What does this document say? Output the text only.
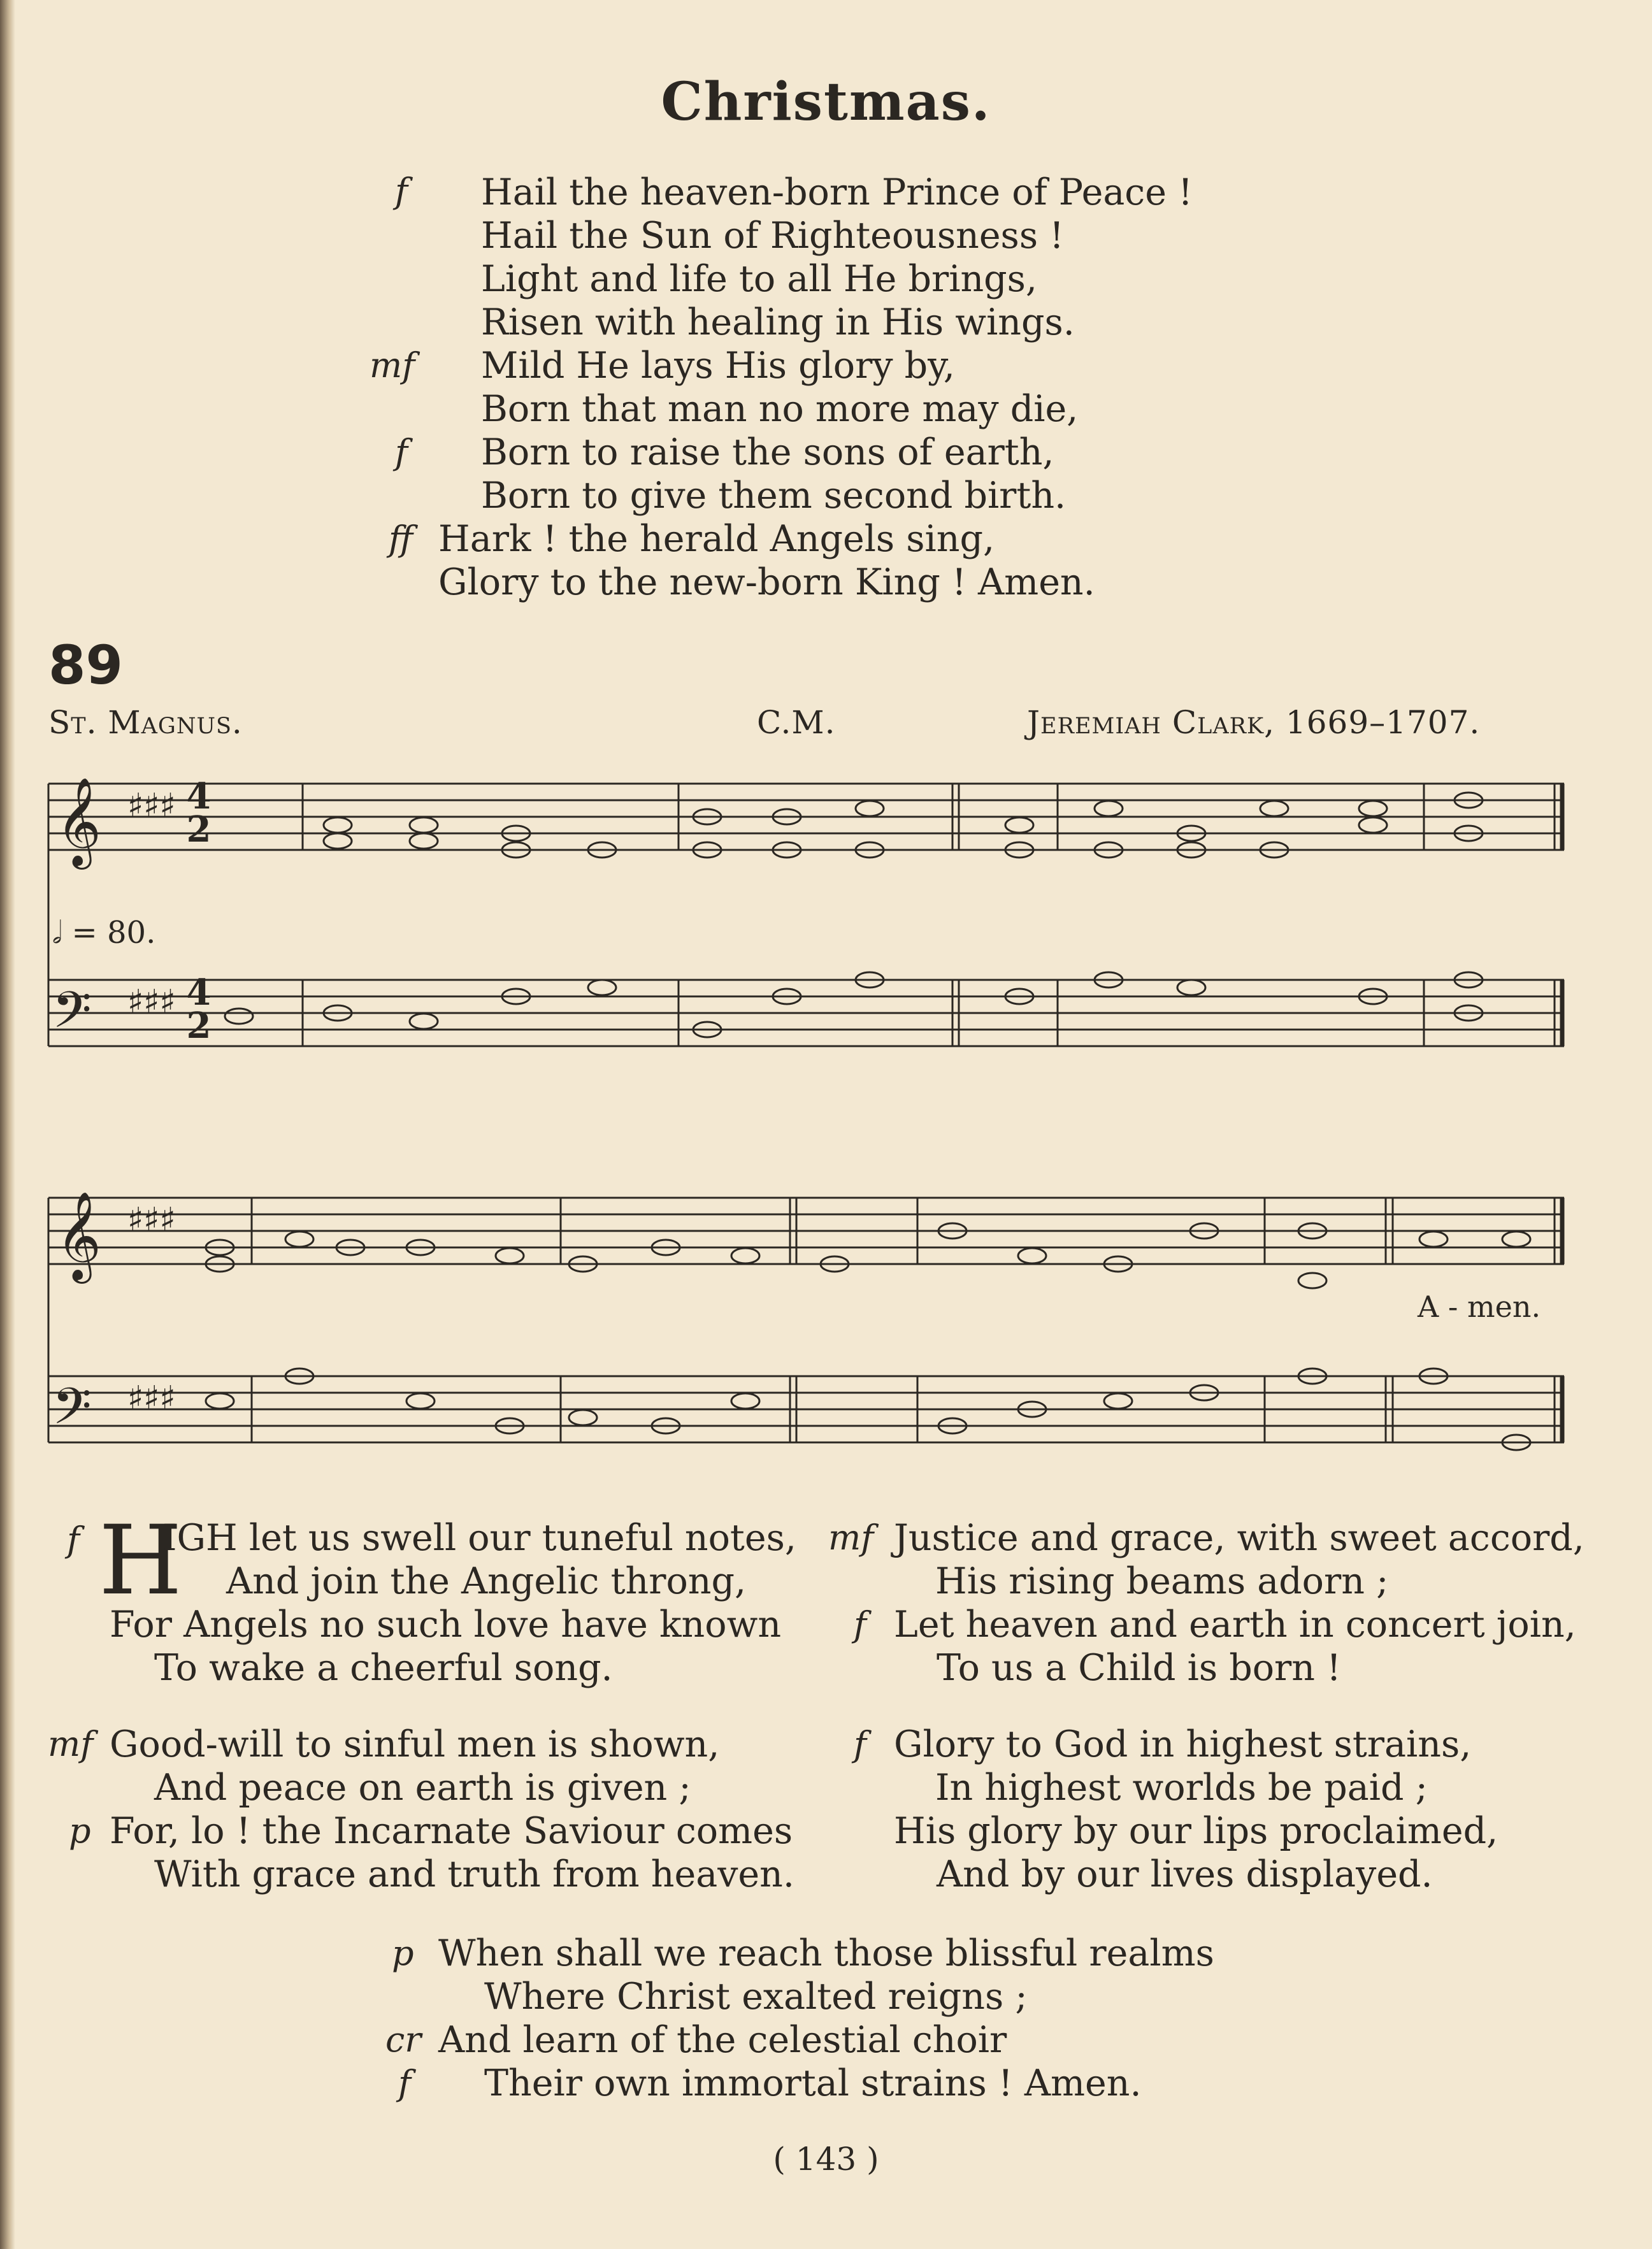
Christmas.
f Hail the heaven-born Prince of Peace !
Hail the Sun of Righteousness !
Light and life to all He brings,
Risen with healing in His wings.
mf Mild He lays His glory by,
Born that man no more may die,
f Born to raise the sons of earth,
Born to give them second birth.
ff Hark ! the herald Angels sing,
Glory to the new-born King ! Amen.
89
St. Magnus.	C.M.	Jeremiah Clark, 1669–1707.
𝄞
𝄢
𝄞
𝄢
♯♯♯
♯♯♯
♯♯♯
♯♯♯
4 2
4 2
𝅗𝅥 = 80.
A - men.
f H
IGH let us swell our tuneful notes,
And join the Angelic throng,
For Angels no such love have known
To wake a cheerful song.
mf Good-will to sinful men is shown,
And peace on earth is given ;
p For, lo ! the Incarnate Saviour comes
With grace and truth from heaven.
mf Justice and grace, with sweet accord,
His rising beams adorn ;
f Let heaven and earth in concert join,
To us a Child is born !
f Glory to God in highest strains,
In highest worlds be paid ;
His glory by our lips proclaimed,
And by our lives displayed.
p When shall we reach those blissful realms
Where Christ exalted reigns ;
cr And learn of the celestial choir
f Their own immortal strains ! Amen.
( 143 )
